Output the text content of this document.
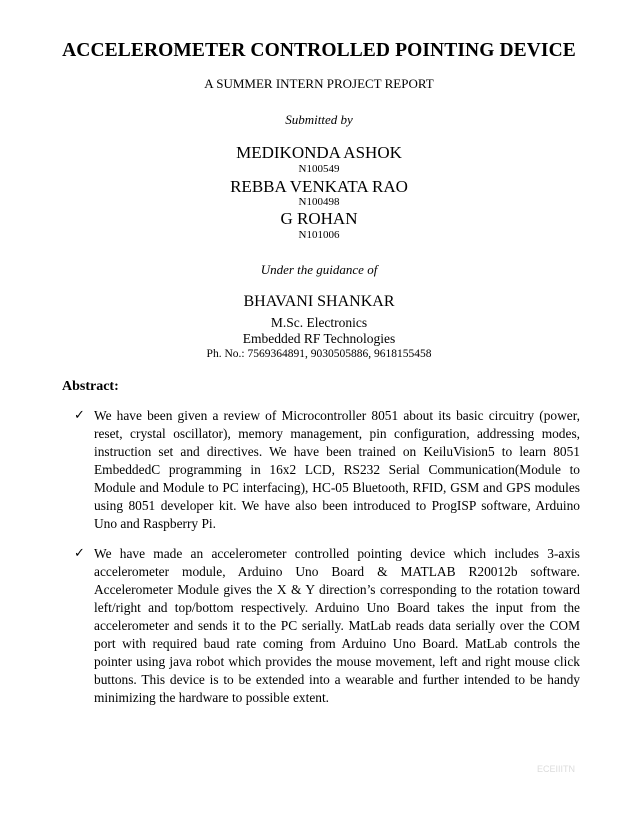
ACCELEROMETER CONTROLLED POINTING DEVICE
A SUMMER INTERN PROJECT REPORT
Submitted by
MEDIKONDA ASHOK
N100549
REBBA VENKATA RAO
N100498
G ROHAN
N101006
Under the guidance of
BHAVANI SHANKAR
M.Sc. Electronics
Embedded RF Technologies
Ph. No.: 7569364891, 9030505886, 9618155458
Abstract:
✓ We have been given a review of Microcontroller 8051 about its basic circuitry (power, reset, crystal oscillator), memory management, pin configuration, addressing modes, instruction set and directives. We have been trained on KeiluVision5 to learn 8051 EmbeddedC programming in 16x2 LCD, RS232 Serial Communication(Module to Module and Module to PC interfacing), HC-05 Bluetooth, RFID, GSM and GPS modules using 8051 developer kit. We have also been introduced to ProgISP software, Arduino Uno and Raspberry Pi.
✓ We have made an accelerometer controlled pointing device which includes 3-axis accelerometer module, Arduino Uno Board & MATLAB R20012b software. Accelerometer Module gives the X & Y direction’s corresponding to the rotation toward left/right and top/bottom respectively. Arduino Uno Board takes the input from the accelerometer and sends it to the PC serially. MatLab reads data serially over the COM port with required baud rate coming from Arduino Uno Board. MatLab controls the pointer using java robot which provides the mouse movement, left and right mouse click buttons. This device is to be extended into a wearable and further intended to be handy minimizing the hardware to possible extent.
ECEIIITN
